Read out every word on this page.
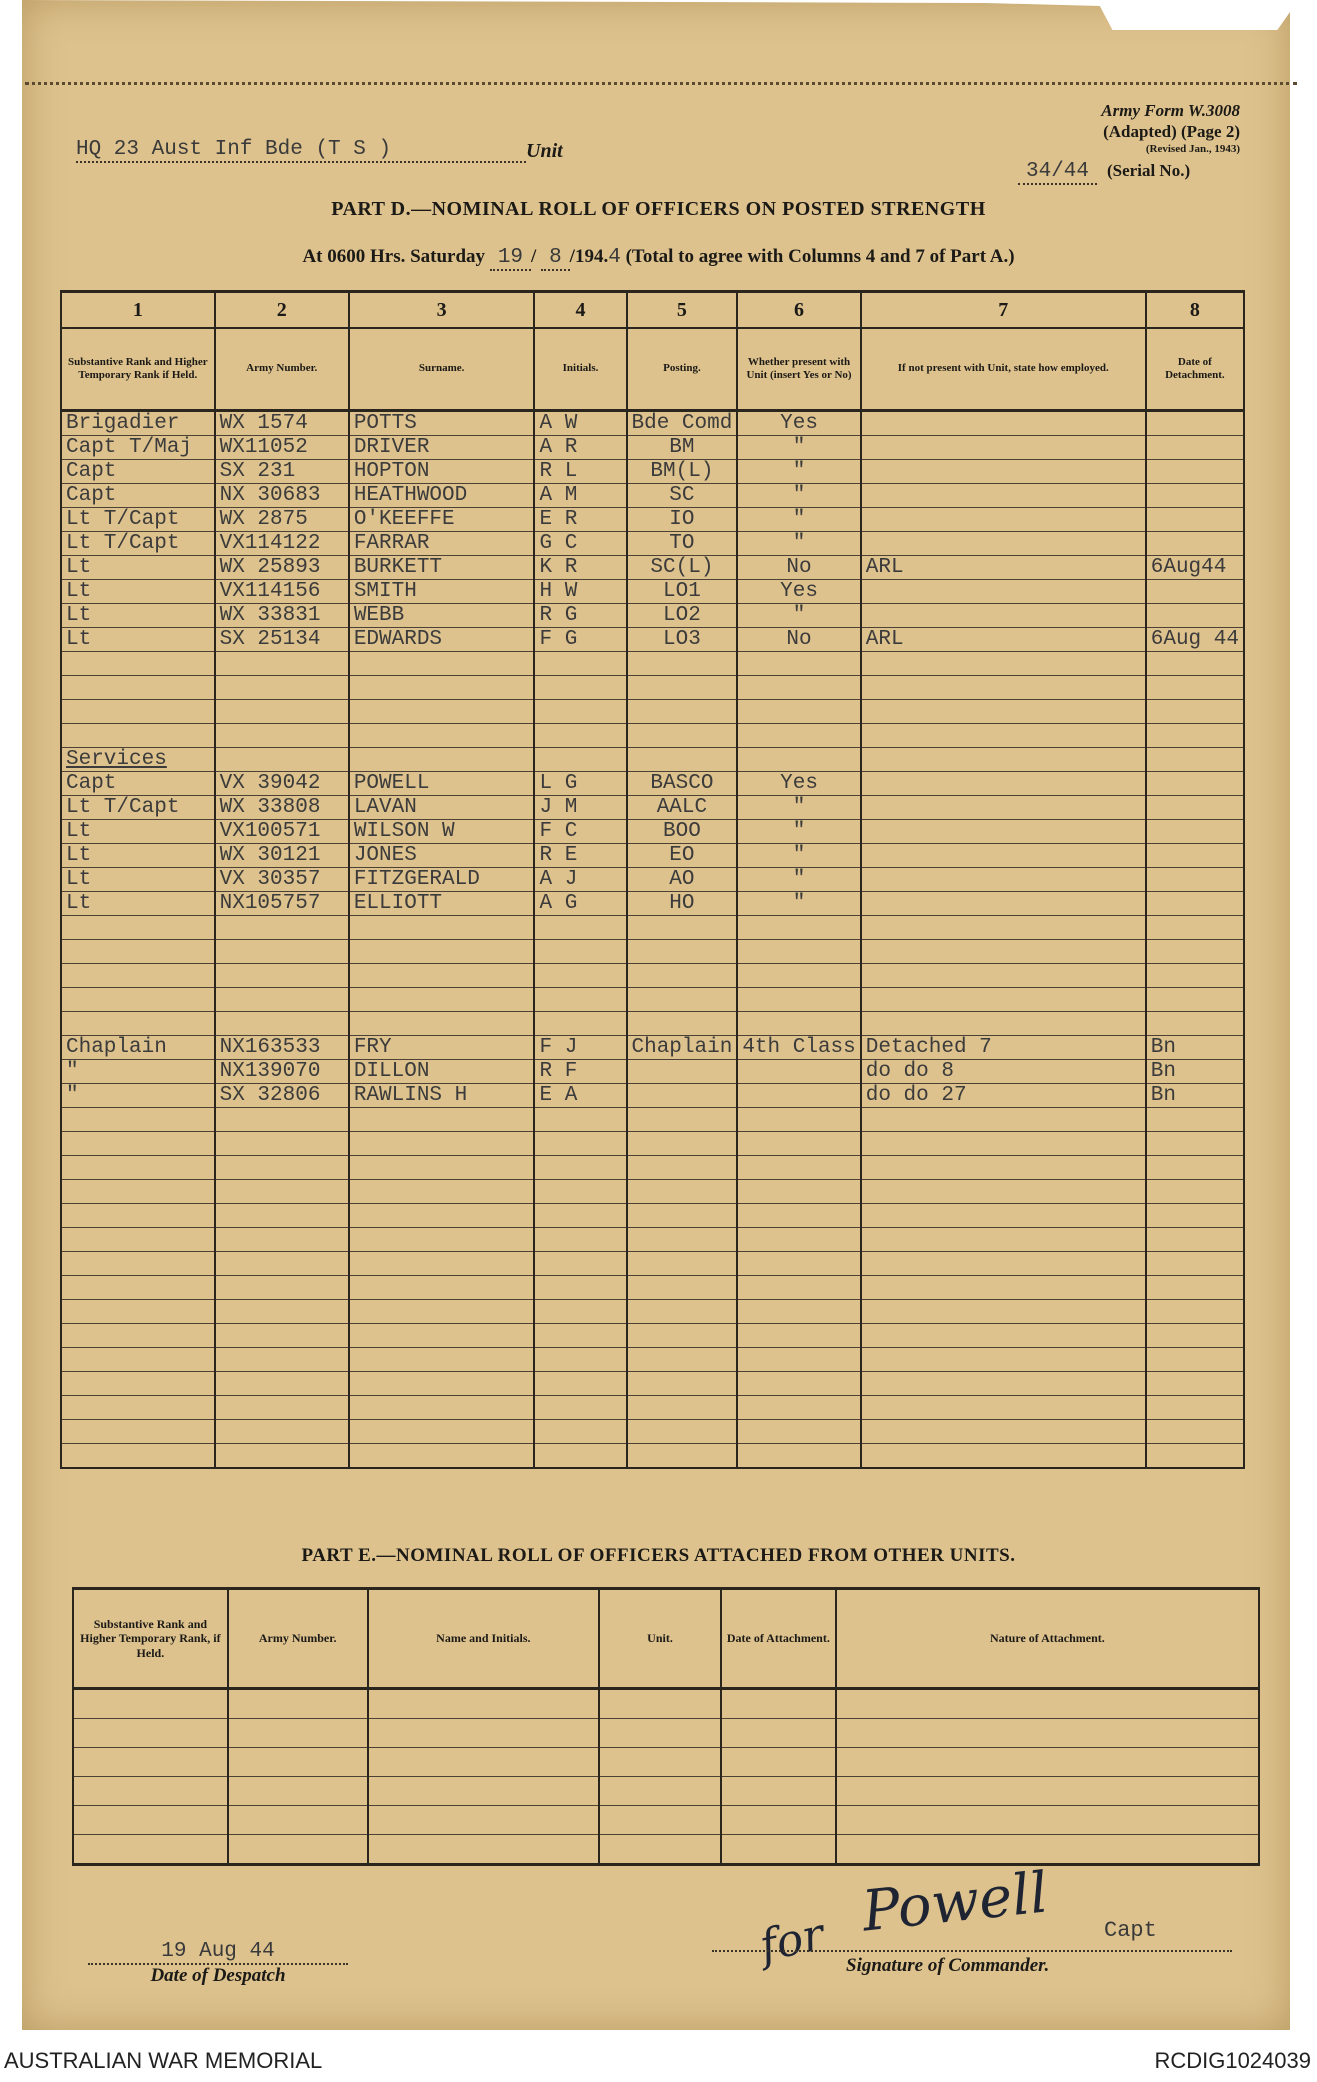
Army Form W.3008
(Adapted) (Page 2)
(Revised Jan., 1943)
HQ 23 Aust Inf Bde (T S )	Unit
34/44 (Serial No.)
PART D.—NOMINAL ROLL OF OFFICERS ON POSTED STRENGTH
At 0600 Hrs. Saturday 19 / 8 /194.4 (Total to agree with Columns 4 and 7 of Part A.)
1	2	3	4	5	6	7	8
Substantive Rank and Higher Temporary Rank if Held.	Army Number.	Surname.	Initials.	Posting.	Whether present with Unit (insert Yes or No)	If not present with Unit, state how employed.	Date of Detachment.
Brigadier	WX 1574	POTTS	A W	Bde Comd	Yes		
Capt T/Maj	WX11052	DRIVER	A R	BM	"		
Capt	SX 231	HOPTON	R L	BM(L)	"		
Capt	NX 30683	HEATHWOOD	A M	SC	"		
Lt T/Capt	WX 2875	O'KEEFFE	E R	IO	"		
Lt T/Capt	VX114122	FARRAR	G C	TO	"		
Lt	WX 25893	BURKETT	K R	SC(L)	No	ARL	6Aug44
Lt	VX114156	SMITH	H W	LO1	Yes		
Lt	WX 33831	WEBB	R G	LO2	"		
Lt	SX 25134	EDWARDS	F G	LO3	No	ARL	6Aug 44

Services							
Capt	VX 39042	POWELL	L G	BASCO	Yes		
Lt T/Capt	WX 33808	LAVAN	J M	AALC	"		
Lt	VX100571	WILSON W	F C	BOO	"		
Lt	WX 30121	JONES	R E	EO	"		
Lt	VX 30357	FITZGERALD	A J	AO	"		
Lt	NX105757	ELLIOTT	A G	HO	"		

Chaplain	NX163533	FRY	F J	Chaplain	4th Class	Detached 7	Bn
"	NX139070	DILLON	R F			do do 8	Bn
"	SX 32806	RAWLINS H	E A			do do 27	Bn

PART E.—NOMINAL ROLL OF OFFICERS ATTACHED FROM OTHER UNITS.
Substantive Rank and Higher Temporary Rank, if Held.	Army Number.	Name and Initials.	Unit.	Date of Attachment.	Nature of Attachment.

19 Aug 44
Date of Despatch
for Powell Capt
Signature of Commander.
AUSTRALIAN WAR MEMORIAL	RCDIG1024039
